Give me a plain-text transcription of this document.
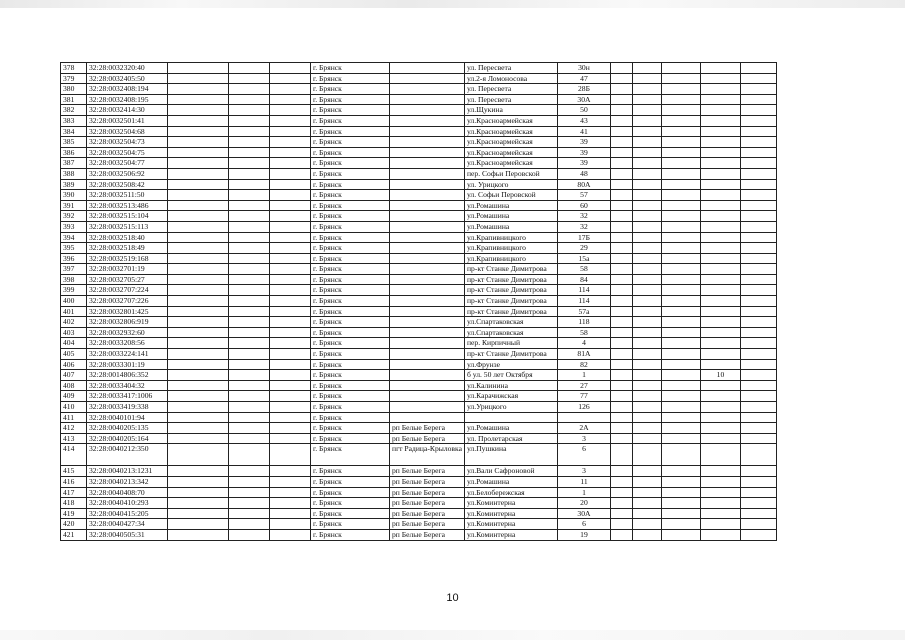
378	32:28:0032320:40				г. Брянск		ул. Пересвета	30н					
379	32:28:0032405:50				г. Брянск		ул.2-я Ломоносова	47					
380	32:28:0032408:194				г. Брянск		ул. Пересвета	28Б					
381	32:28:0032408:195				г. Брянск		ул. Пересвета	30А					
382	32:28:0032414:30				г. Брянск		ул.Щукина	50					
383	32:28:0032501:41				г. Брянск		ул.Красноармейская	43					
384	32:28:0032504:68				г. Брянск		ул.Красноармейская	41					
385	32:28:0032504:73				г. Брянск		ул.Красноармейская	39					
386	32:28:0032504:75				г. Брянск		ул.Красноармейская	39					
387	32:28:0032504:77				г. Брянск		ул.Красноармейская	39					
388	32:28:0032506:92				г. Брянск		пер. Софьи Перовской	48					
389	32:28:0032508:42				г. Брянск		ул. Урицкого	80А					
390	32:28:0032511:50				г. Брянск		ул. Софьи Перовской	57					
391	32:28:0032513:486				г. Брянск		ул.Ромашина	60					
392	32:28:0032515:104				г. Брянск		ул.Ромашина	32					
393	32:28:0032515:113				г. Брянск		ул.Ромашина	32					
394	32:28:0032518:40				г. Брянск		ул.Крапивницкого	17Б					
395	32:28:0032518:49				г. Брянск		ул.Крапивницкого	29					
396	32:28:0032519:168				г. Брянск		ул.Крапивницкого	15а					
397	32:28:0032701:19				г. Брянск		пр-кт Станке Димитрова	58					
398	32:28:0032705:27				г. Брянск		пр-кт Станке Димитрова	84					
399	32:28:0032707:224				г. Брянск		пр-кт Станке Димитрова	114					
400	32:28:0032707:226				г. Брянск		пр-кт Станке Димитрова	114					
401	32:28:0032801:425				г. Брянск		пр-кт Станке Димитрова	57а					
402	32:28:0032806:919				г. Брянск		ул.Спартаковская	118					
403	32:28:0032932:60				г. Брянск		ул.Спартаковская	58					
404	32:28:0033208:56				г. Брянск		пер. Кирпичный	4					
405	32:28:0033224:141				г. Брянск		пр-кт Станке Димитрова	81А					
406	32:28:0033301:19				г. Брянск		ул.Фрунзе	82					
407	32:28:0014806:352				г. Брянск		б ул. 50 лет Октября	1				10	
408	32:28:0033404:32				г. Брянск		ул.Калинина	27					
409	32:28:0033417:1006				г. Брянск		ул.Карачижская	77					
410	32:28:0033419:338				г. Брянск		ул.Урицкого	126					
411	32:28:0040101:94				г. Брянск								
412	32:28:0040205:135				г. Брянск	рп Белые Берега	ул.Ромашина	2А					
413	32:28:0040205:164				г. Брянск	рп Белые Берега	ул. Пролетарская	3					
414	32:28:0040212:350				г. Брянск	пгт Радица-Крыловка	ул.Пушкина	6					
415	32:28:0040213:1231				г. Брянск	рп Белые Берега	ул.Вали Сафроновой	3					
416	32:28:0040213:342				г. Брянск	рп Белые Берега	ул.Ромашина	11					
417	32:28:0040408:70				г. Брянск	рп Белые Берега	ул.Белобережская	1					
418	32:28:0040410:293				г. Брянск	рп Белые Берега	ул.Коминтерна	20					
419	32:28:0040415:205				г. Брянск	рп Белые Берега	ул.Коминтерна	30А					
420	32:28:0040427:34				г. Брянск	рп Белые Берега	ул.Коминтерна	6					
421	32:28:0040505:31				г. Брянск	рп Белые Берега	ул.Коминтерна	19					
10
